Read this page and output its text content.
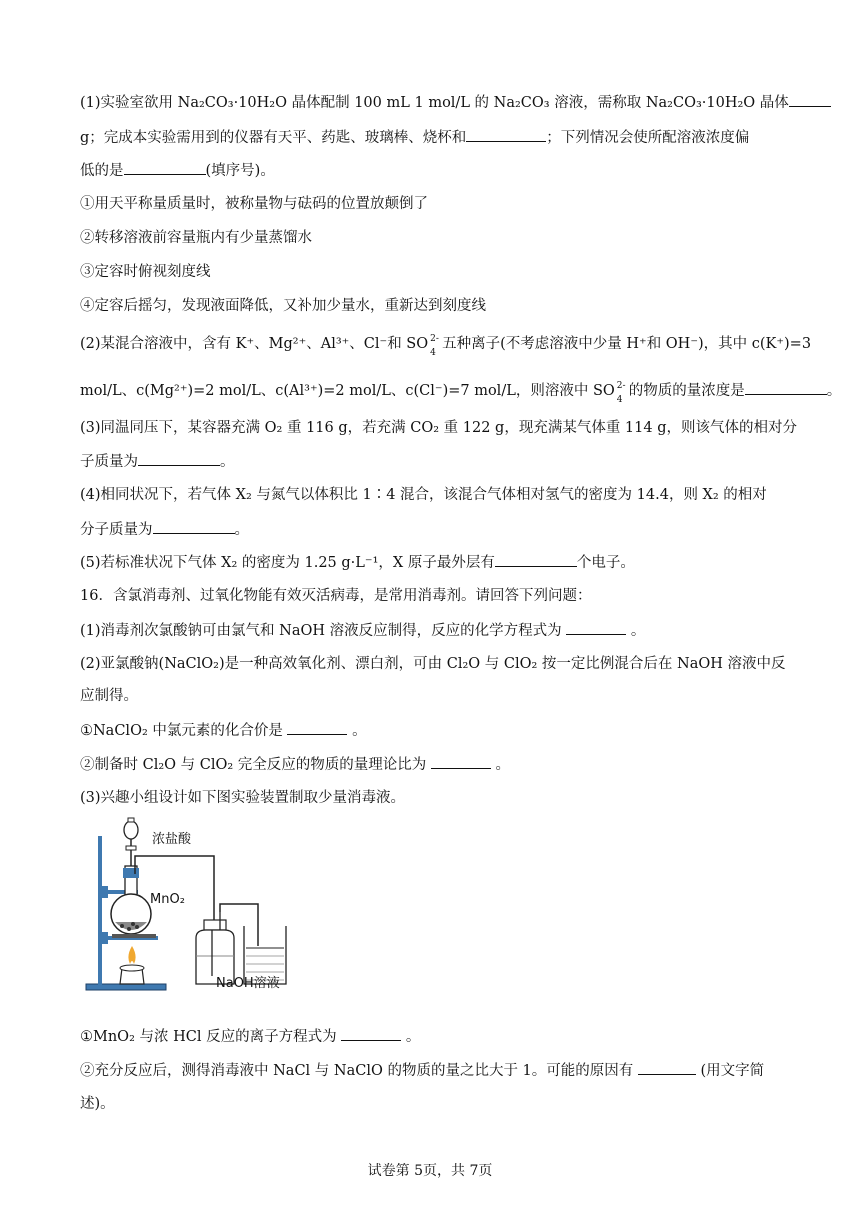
(1)实验室欲用 Na₂CO₃·10H₂O 晶体配制 100 mL 1 mol/L 的 Na₂CO₃ 溶液，需称取 Na₂CO₃·10H₂O 晶体
g；完成本实验需用到的仪器有天平、药匙、玻璃棒、烧杯和	；下列情况会使所配溶液浓度偏
低的是	(填序号)。
①用天平称量质量时，被称量物与砝码的位置放颠倒了
②转移溶液前容量瓶内有少量蒸馏水
③定容时俯视刻度线
④定容后摇匀，发现液面降低，又补加少量水，重新达到刻度线
(2)某混合溶液中，含有 K⁺、Mg²⁺、Al³⁺、Cl⁻和 SO 2-
4
五种离子(不考虑溶液中少量 H⁺和 OH⁻)，其中 c(K⁺)=3
mol/L、c(Mg²⁺)=2 mol/L、c(Al³⁺)=2 mol/L、c(Cl⁻)=7 mol/L，则溶液中 SO 2-
4
的物质的量浓度是	。
(3)同温同压下，某容器充满 O₂ 重 116 g，若充满 CO₂ 重 122 g，现充满某气体重 114 g，则该气体的相对分
子质量为	。
(4)相同状况下，若气体 X₂ 与氮气以体积比 1∶4 混合，该混合气体相对氢气的密度为 14.4，则 X₂ 的相对
分子质量为	。
(5)若标准状况下气体 X₂ 的密度为 1.25 g·L⁻¹，X 原子最外层有	个电子。
16．含氯消毒剂、过氧化物能有效灭活病毒，是常用消毒剂。请回答下列问题：
(1)消毒剂次氯酸钠可由氯气和 NaOH 溶液反应制得，反应的化学方程式为	。
(2)亚氯酸钠(NaClO₂)是一种高效氧化剂、漂白剂，可由 Cl₂O 与 ClO₂ 按一定比例混合后在 NaOH 溶液中反
应制得。
①NaClO₂ 中氯元素的化合价是	。
②制备时 Cl₂O 与 ClO₂ 完全反应的物质的量理论比为	。
(3)兴趣小组设计如下图实验装置制取少量消毒液。
浓盐酸
MnO₂
NaOH溶液
①MnO₂ 与浓 HCl 反应的离子方程式为	。
②充分反应后，测得消毒液中 NaCl 与 NaClO 的物质的量之比大于 1。可能的原因有	(用文字简
述)。
试卷第 5页，共 7页
